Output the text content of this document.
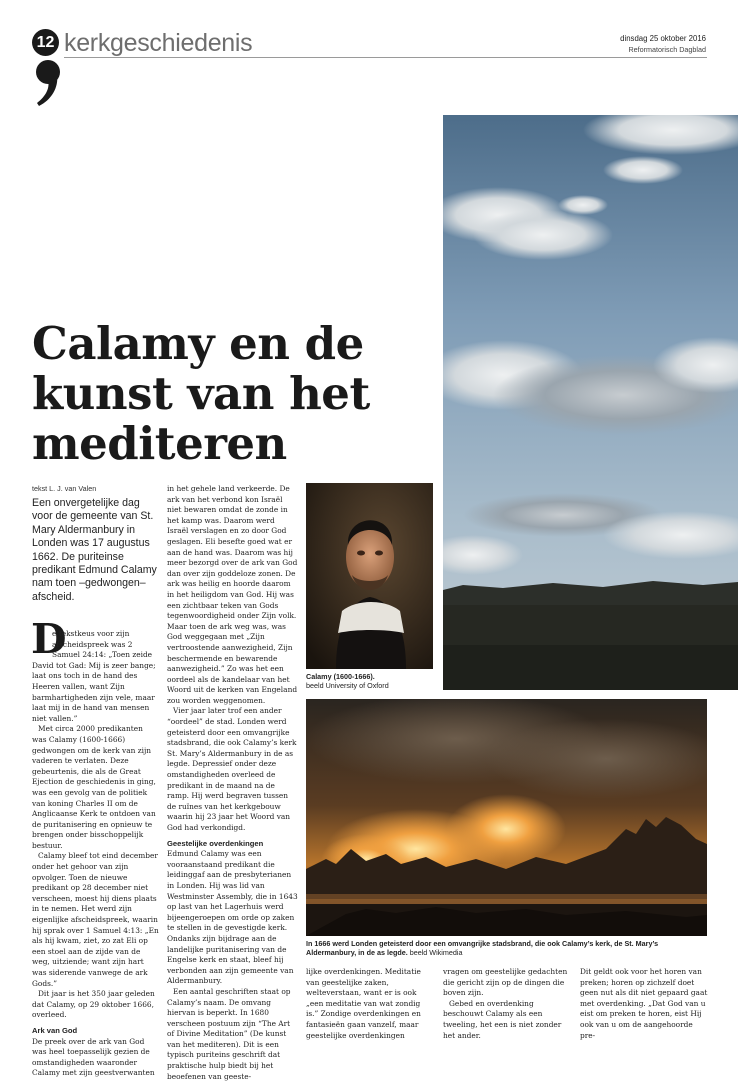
12 kerkgeschiedenis	dinsdag 25 oktober 2016
Reformatorisch Dagblad
Calamy en de
kunst van het
mediteren
tekst L. J. van Valen
Een onvergetelijke dag voor de gemeente van St. Mary Aldermanbury in Londen was 17 augustus 1662. De puriteinse predikant Edmund Calamy nam toen –gedwongen– afscheid.
D

e tekstkeus voor zijn afscheidspreek was 2 Samuel 24:14: „Toen zeide David tot Gad: Mij is zeer bange; laat ons toch in de hand des Heeren vallen, want Zijn barmhartigheden zijn vele, maar laat mij in de hand van mensen niet vallen.”

Met circa 2000 predikanten was Calamy (1600-1666) gedwongen om de kerk van zijn vaderen te verlaten. Deze gebeurtenis, die als de Great Ejection de geschiedenis in ging, was een gevolg van de politiek van koning Charles II om de Anglicaanse Kerk te ontdoen van de puritanisering en opnieuw te brengen onder bisschoppelijk bestuur.

Calamy bleef tot eind december onder het gehoor van zijn opvolger. Toen de nieuwe predikant op 28 december niet verscheen, moest hij diens plaats in te nemen. Het werd zijn eigenlijke afscheidspreek, waarin hij sprak over 1 Samuel 4:13: „En als hij kwam, ziet, zo zat Eli op een stoel aan de zijde van de weg, uitziende; want zijn hart was siderende vanwege de ark Gods.”

Dit jaar is het 350 jaar geleden dat Calamy, op 29 oktober 1666, overleed.

Ark van God

De preek over de ark van God was heel toepasselijk gezien de omstandigheden waaronder Calamy met zijn geestverwanten

in het gehele land verkeerde. De ark van het verbond kon Israël niet bewaren omdat de zonde in het kamp was. Daarom werd Israël verslagen en zo door God geslagen. Eli besefte goed wat er aan de hand was. Daarom was hij meer bezorgd over de ark van God dan over zijn goddeloze zonen. De ark was heilig en hoorde daarom in het heiligdom van God. Hij was een zichtbaar teken van Gods tegenwoordigheid onder Zijn volk. Maar toen de ark weg was, was God weggegaan met „Zijn vertroostende aanwezigheid, Zijn beschermende en bewarende aanwezigheid.” Zo was het een oordeel als de kandelaar van het Woord uit de kerken van Engeland zou worden weggenomen.

Vier jaar later trof een ander “oordeel” de stad. Londen werd geteisterd door een omvangrijke stadsbrand, die ook Calamy’s kerk St. Mary’s Aldermanbury in de as legde. Depressief onder deze omstandigheden overleed de predikant in de maand na de ramp. Hij werd begraven tussen de ruïnes van het kerkgebouw waarin hij 23 jaar het Woord van God had verkondigd.

Geestelijke overdenkingen

Edmund Calamy was een vooraanstaand predikant die leidinggaf aan de presbyterianen in Londen. Hij was lid van Westminster Assembly, die in 1643 op last van het Lagerhuis werd bijeengeroepen om orde op zaken te stellen in de gevestigde kerk. Ondanks zijn bijdrage aan de landelijke puritanisering van de Engelse kerk en staat, bleef hij verbonden aan zijn gemeente van Aldermanbury.

Een aantal geschriften staat op Calamy’s naam. De omvang hiervan is beperkt. In 1680 verscheen postuum zijn “The Art of Divine Meditation” (De kunst van het mediteren). Dit is een typisch puriteins geschrift dat praktische hulp biedt bij het beoefenen van geeste-

Calamy (1600-1666).
beeld University of Oxford
In 1666 werd Londen geteisterd door een omvangrijke stadsbrand, die ook Calamy’s kerk, de St. Mary’s Aldermanbury, in de as legde. beeld Wikimedia

lijke overdenkingen. Meditatie van geestelijke zaken, welteverstaan, want er is ook „een meditatie van wat zondig is.” Zondige overdenkingen en fantasieën gaan vanzelf, maar geestelijke overdenkingen

vragen om geestelijke gedachten die gericht zijn op de dingen die boven zijn.

Gebed en overdenking beschouwt Calamy als een tweeling, het een is niet zonder het ander.

Dit geldt ook voor het horen van preken; horen op zichzelf doet geen nut als dit niet gepaard gaat met overdenking. „Dat God van u eist om preken te horen, eist Hij ook van u om de aangehoorde pre-
